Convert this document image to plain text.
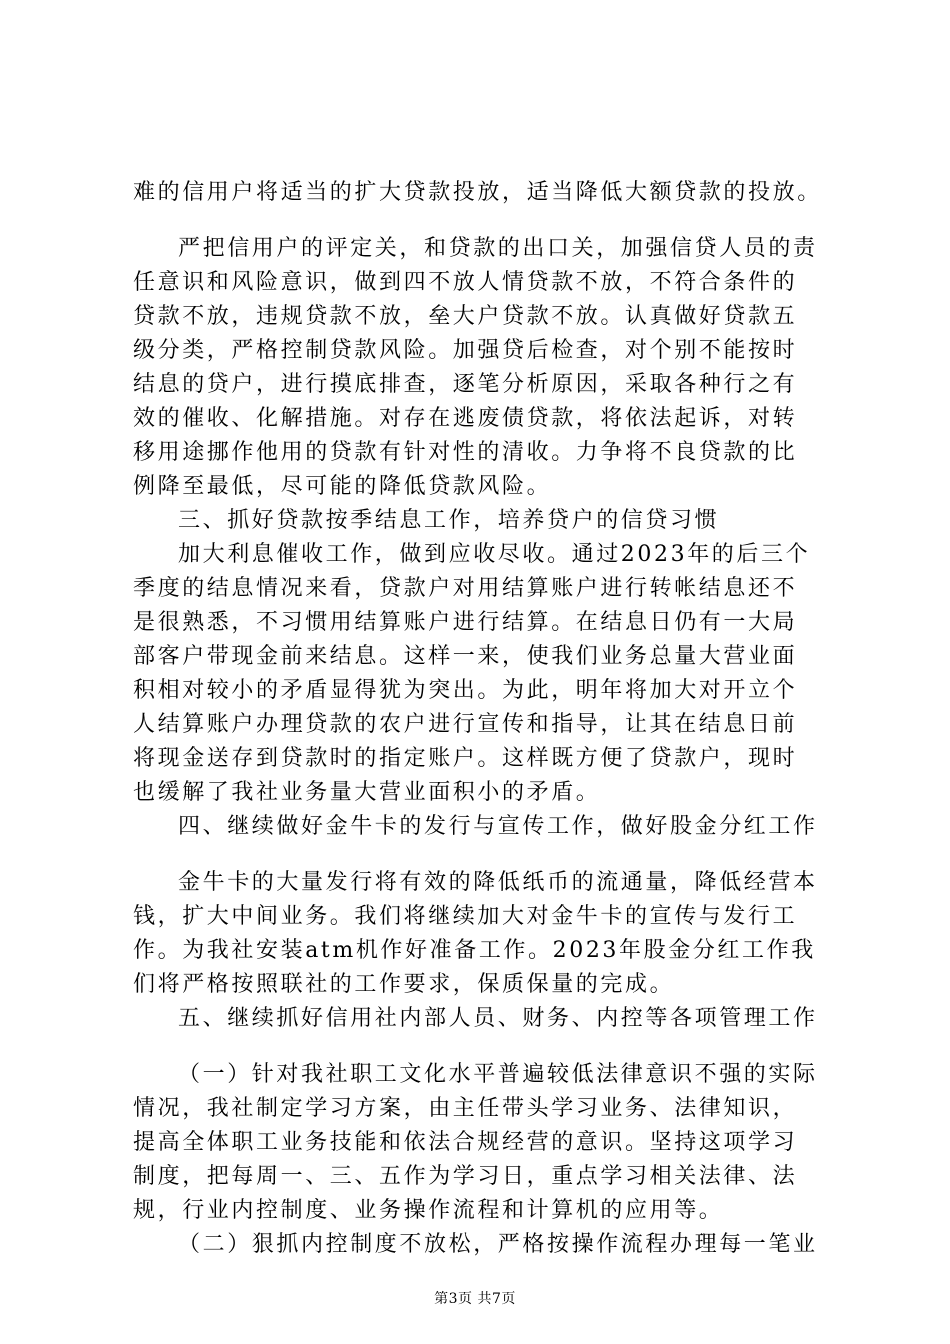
难的信用户将适当的扩大贷款投放，适当降低大额贷款的投放。
严把信用户的评定关，和贷款的出口关，加强信贷人员的责
任意识和风险意识，做到四不放人情贷款不放，不符合条件的
贷款不放，违规贷款不放，垒大户贷款不放。认真做好贷款五
级分类，严格控制贷款风险。加强贷后检查，对个别不能按时
结息的贷户，进行摸底排查，逐笔分析原因，采取各种行之有
效的催收、化解措施。对存在逃废债贷款，将依法起诉，对转
移用途挪作他用的贷款有针对性的清收。力争将不良贷款的比
例降至最低，尽可能的降低贷款风险。
三、抓好贷款按季结息工作，培养贷户的信贷习惯
加大利息催收工作，做到应收尽收。通过2023年的后三个
季度的结息情况来看，贷款户对用结算账户进行转帐结息还不
是很熟悉，不习惯用结算账户进行结算。在结息日仍有一大局
部客户带现金前来结息。这样一来，使我们业务总量大营业面
积相对较小的矛盾显得犹为突出。为此，明年将加大对开立个
人结算账户办理贷款的农户进行宣传和指导，让其在结息日前
将现金送存到贷款时的指定账户。这样既方便了贷款户，现时
也缓解了我社业务量大营业面积小的矛盾。
四、继续做好金牛卡的发行与宣传工作，做好股金分红工作
金牛卡的大量发行将有效的降低纸币的流通量，降低经营本
钱，扩大中间业务。我们将继续加大对金牛卡的宣传与发行工
作。为我社安装atm机作好准备工作。2023年股金分红工作我
们将严格按照联社的工作要求，保质保量的完成。
五、继续抓好信用社内部人员、财务、内控等各项管理工作
（一）针对我社职工文化水平普遍较低法律意识不强的实际
情况，我社制定学习方案，由主任带头学习业务、法律知识，
提高全体职工业务技能和依法合规经营的意识。坚持这项学习
制度，把每周一、三、五作为学习日，重点学习相关法律、法
规，行业内控制度、业务操作流程和计算机的应用等。
（二）狠抓内控制度不放松，严格按操作流程办理每一笔业
第3页 共7页
